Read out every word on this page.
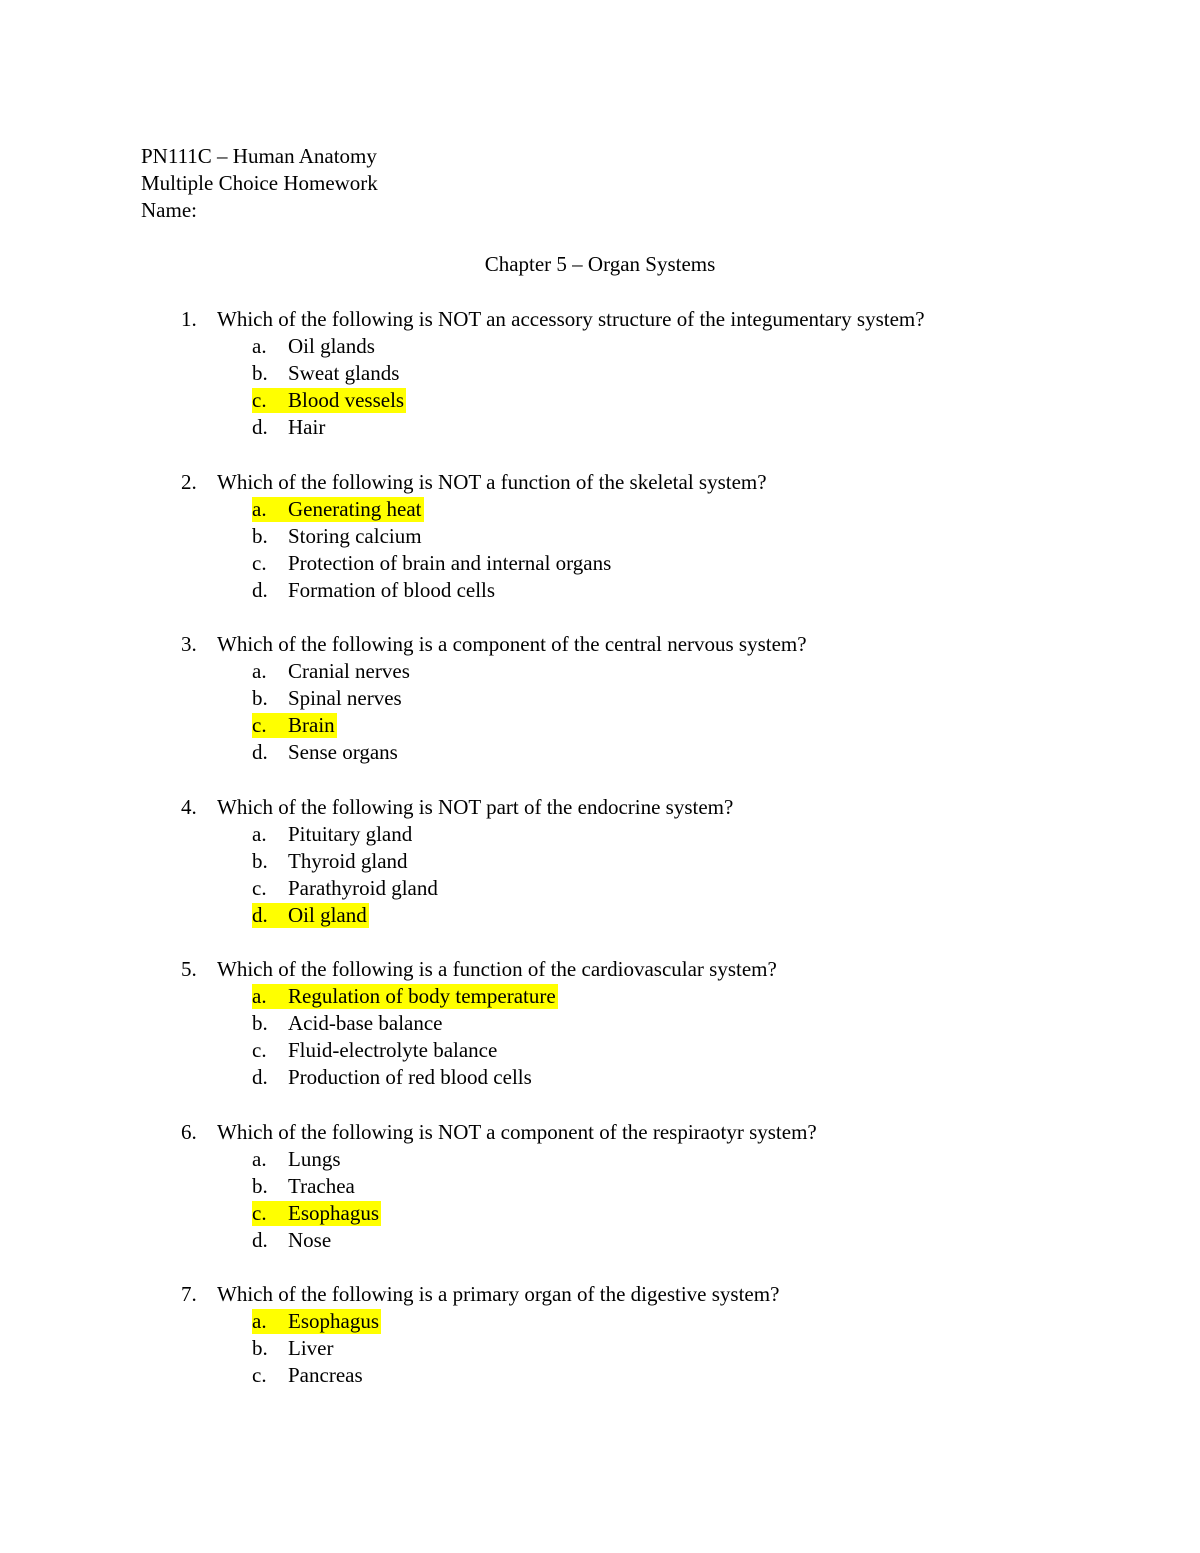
PN111C – Human Anatomy
Multiple Choice Homework
Name:
Chapter 5 – Organ Systems
1. Which of the following is NOT an accessory structure of the integumentary system?
a. Oil glands
b. Sweat glands
c. Blood vessels
d. Hair
2. Which of the following is NOT a function of the skeletal system?
a. Generating heat
b. Storing calcium
c. Protection of brain and internal organs
d. Formation of blood cells
3. Which of the following is a component of the central nervous system?
a. Cranial nerves
b. Spinal nerves
c. Brain
d. Sense organs
4. Which of the following is NOT part of the endocrine system?
a. Pituitary gland
b. Thyroid gland
c. Parathyroid gland
d. Oil gland
5. Which of the following is a function of the cardiovascular system?
a. Regulation of body temperature
b. Acid-base balance
c. Fluid-electrolyte balance
d. Production of red blood cells
6. Which of the following is NOT a component of the respiraotyr system?
a. Lungs
b. Trachea
c. Esophagus
d. Nose
7. Which of the following is a primary organ of the digestive system?
a. Esophagus
b. Liver
c. Pancreas
